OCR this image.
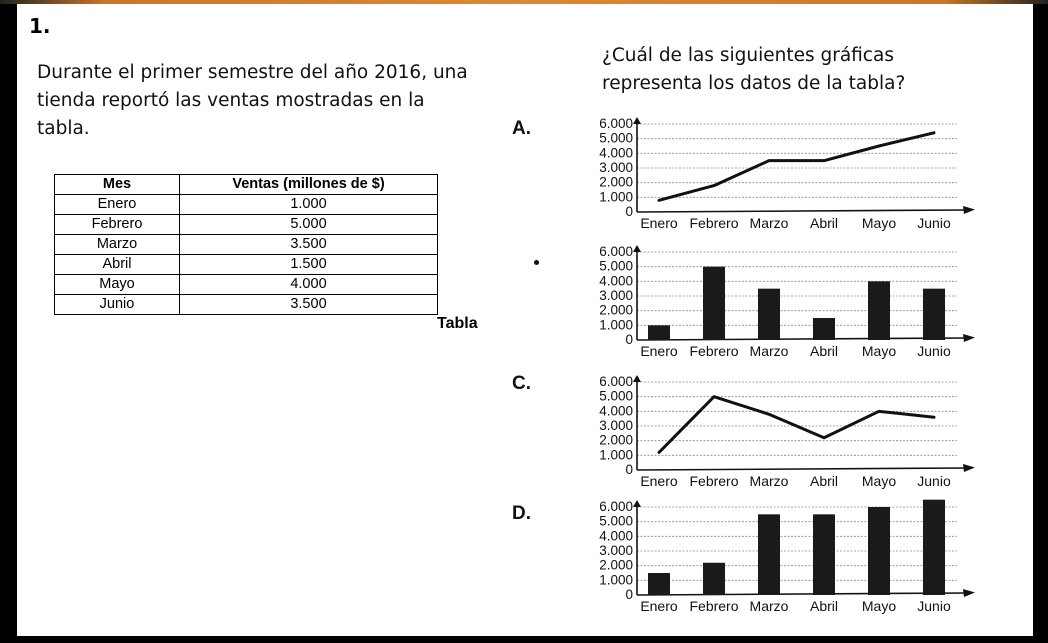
1.
Durante el primer semestre del año 2016, una
tienda reportó las ventas mostradas en la
tabla.
¿Cuál de las siguientes gráficas
representa los datos de la tabla?
Mes	Ventas (millones de $)
Enero	1.000
Febrero	5.000
Marzo	3.500
Abril	1.500
Mayo	4.000
Junio	3.500
Tabla
A.
C.
D.
6.000
5.000
4.000
3.000
2.000
1.000
0
Enero Febrero Marzo Abril Mayo Junio
6.000
5.000
4.000
3.000
2.000
1.000
0
Enero Febrero Marzo Abril Mayo Junio
6.000
5.000
4.000
3.000
2.000
1.000
0
Enero Febrero Marzo Abril Mayo Junio
6.000
5.000
4.000
3.000
2.000
1.000
0
Enero Febrero Marzo Abril Mayo Junio
